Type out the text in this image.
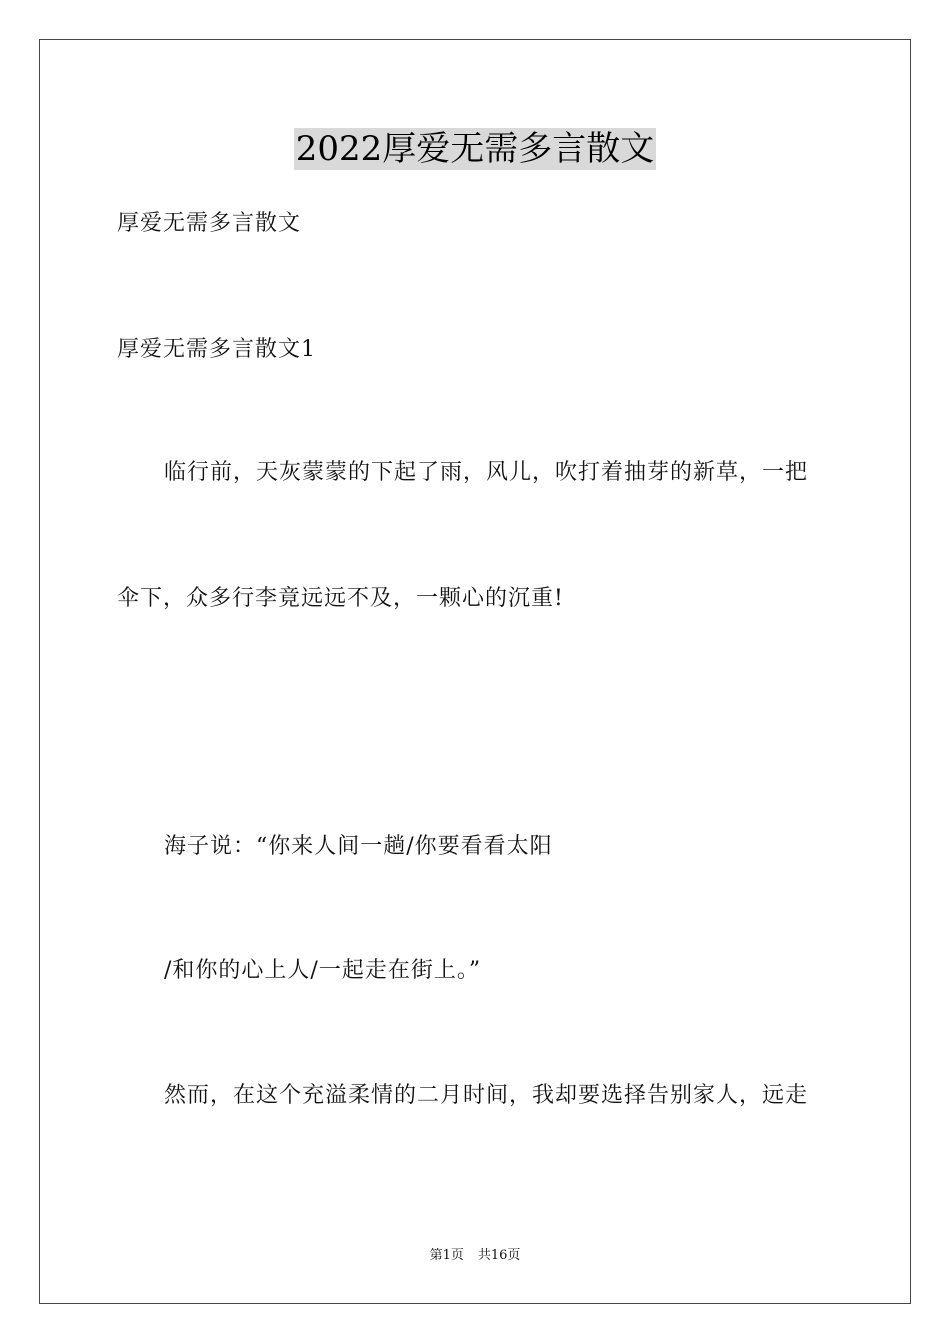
2022厚爱无需多言散文
厚爱无需多言散文
厚爱无需多言散文1
临行前，天灰蒙蒙的下起了雨，风儿，吹打着抽芽的新草，一把
伞下，众多行李竟远远不及，一颗心的沉重!
海子说：“你来人间一趟/你要看看太阳
/和你的心上人/一起走在街上。”
然而，在这个充溢柔情的二月时间，我却要选择告别家人，远走
第1页 共16页
